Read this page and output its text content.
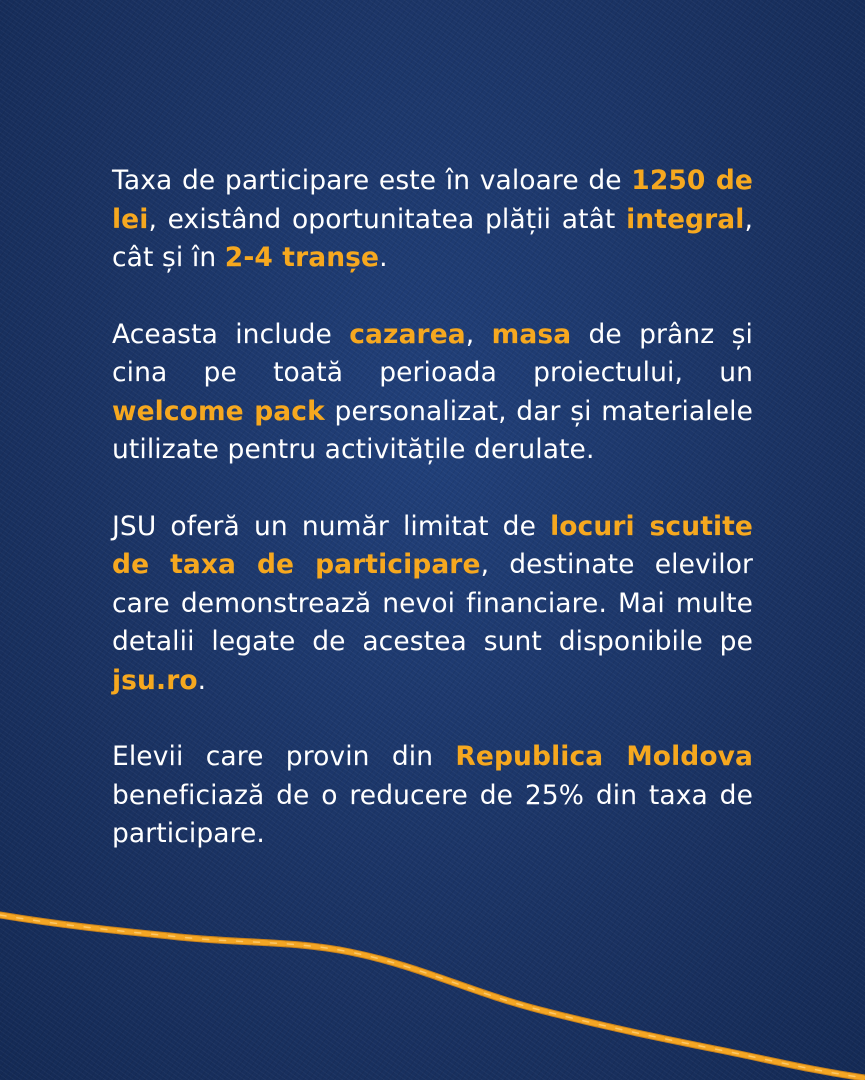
Taxa de participare este în valoare de 1250 de lei, existând oportunitatea plății atât integral, cât și în 2-4 tranșe.

Aceasta include cazarea, masa de prânz și cina pe toată perioada proiectului, un welcome pack personalizat, dar și materialele utilizate pentru activitățile derulate.

JSU oferă un număr limitat de locuri scutite de taxa de participare, destinate elevilor care demonstrează nevoi financiare. Mai multe detalii legate de acestea sunt disponibile pe jsu.ro.

Elevii care provin din Republica Moldova beneficiază de o reducere de 25% din taxa de participare.
